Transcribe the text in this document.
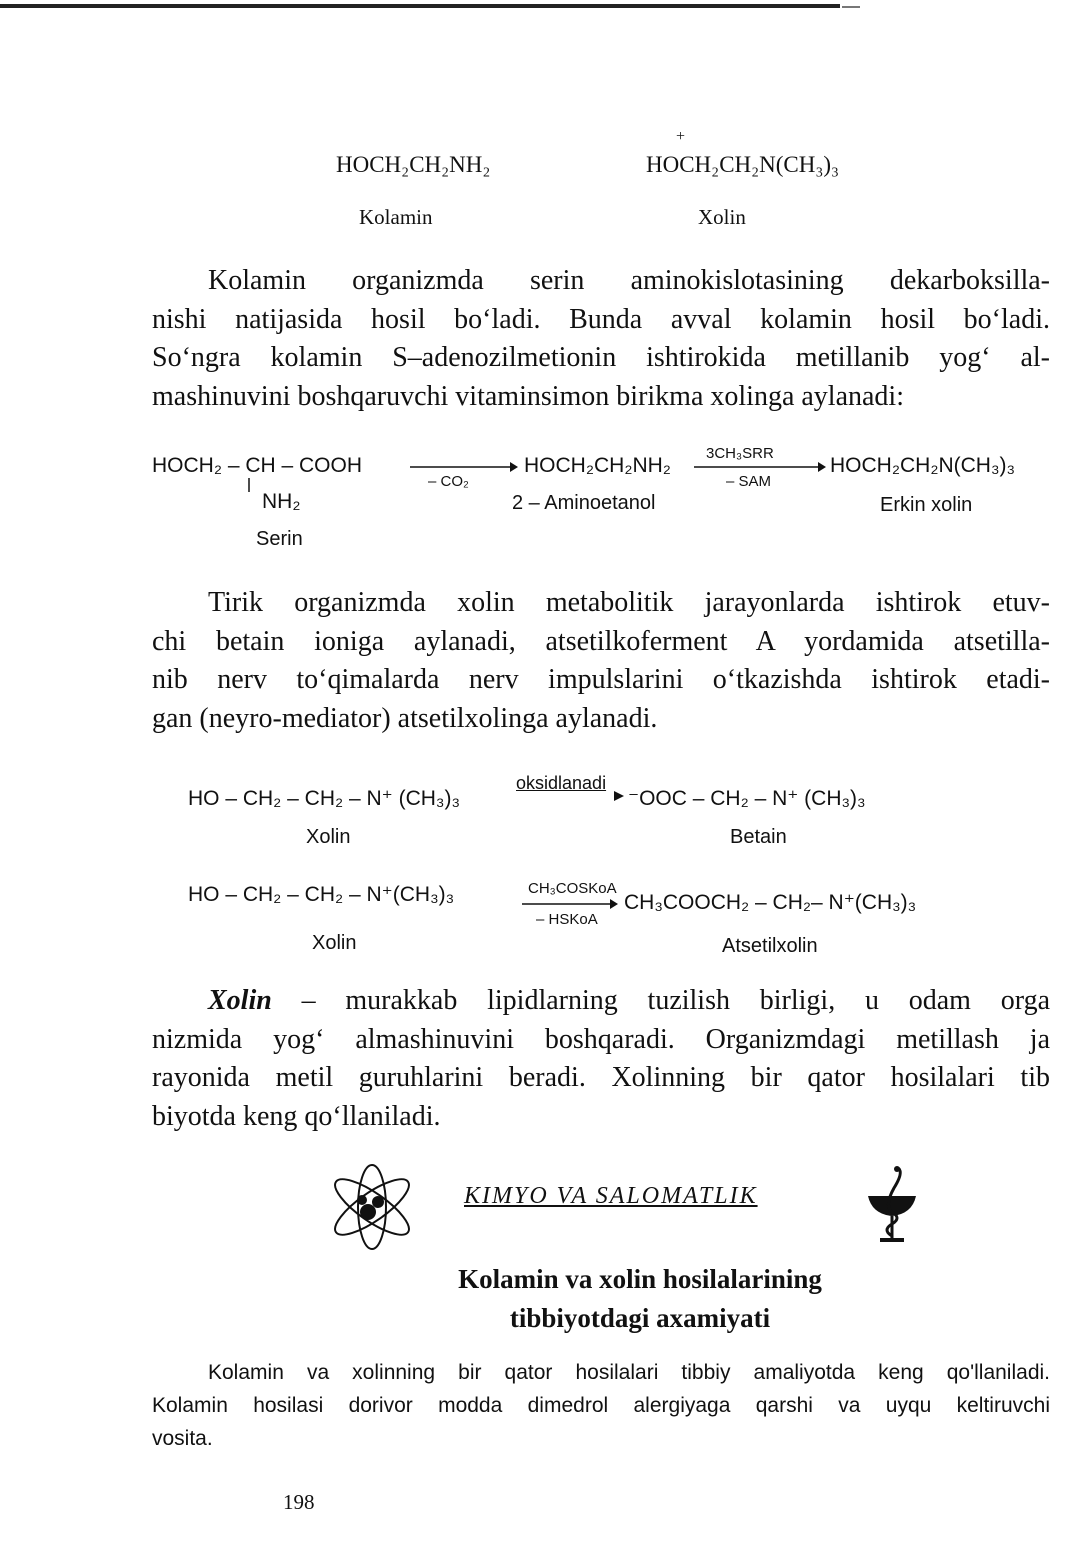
HOCH₂CH₂NH₂
+
HOCH₂CH₂N(CH₃)₃
Kolamin	Xolin
Kolamin organizmda serin aminokislotasining dekarboksilla-
nishi natijasida hosil bo‘ladi. Bunda avval kolamin hosil bo‘ladi.
So‘ngra kolamin S–adenozilmetionin ishtirokida metillanib yog‘ al-
mashinuvini boshqaruvchi vitaminsimon birikma xolinga aylanadi:
HOCH₂ – CH – COOH
NH₂
Serin
– CO₂
HOCH₂CH₂NH₂
2 – Aminoetanol
3CH₃SRR
– SAM
HOCH₂CH₂N(CH₃)₃
Erkin xolin
Tirik organizmda xolin metabolitik jarayonlarda ishtirok etuv-
chi betain ioniga aylanadi, atsetilkoferment A yordamida atsetilla-
nib nerv to‘qimalarda nerv impulslarini o‘tkazishda ishtirok etadi-
gan (neyro-mediator) atsetilxolinga aylanadi.
HO – CH₂ – CH₂ – N⁺ (CH₃)₃
oksidlanadi
⁻OOC – CH₂ – N⁺ (CH₃)₃
Xolin	Betain
HO – CH₂ – CH₂ – N⁺(CH₃)₃	CH₃COSKoA
– HSKoA
CH₃COOCH₂ – CH₂– N⁺(CH₃)₃
Xolin	Atsetilxolin
Xolin – murakkab lipidlarning tuzilish birligi, u odam orga
nizmida yog‘ almashinuvini boshqaradi. Organizmdagi metillash ja
rayonida metil guruhlarini beradi. Xolinning bir qator hosilalari tib
biyotda keng qo‘llaniladi.
KIMYO VA SALOMATLIK
Kolamin va xolin hosilalarining
tibbiyotdagi axamiyati
Kolamin va xolinning bir qator hosilalari tibbiy amaliyotda keng qo'llaniladi.
Kolamin hosilasi dorivor modda dimedrol alergiyaga qarshi va uyqu keltiruvchi
vosita.
198
